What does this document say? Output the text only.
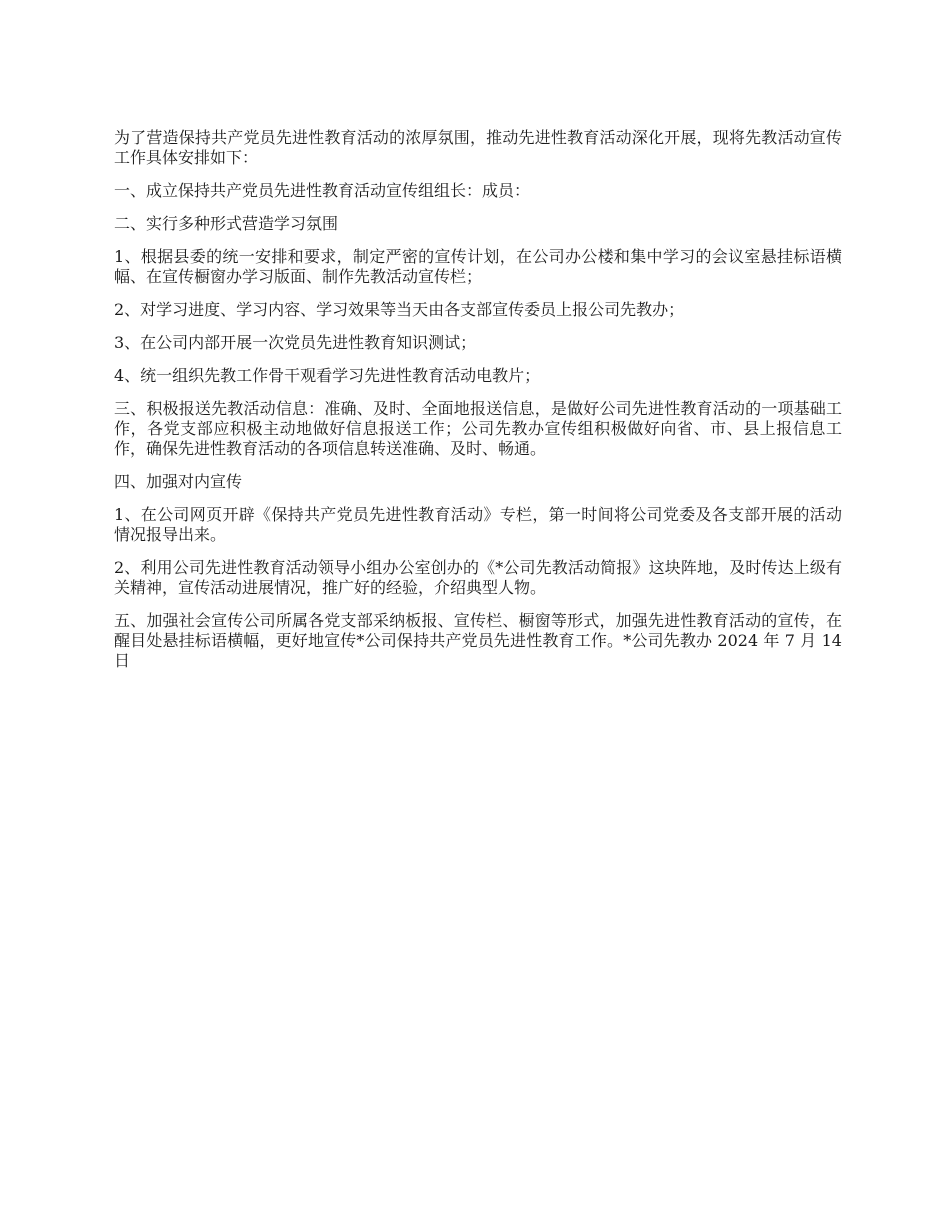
为了营造保持共产党员先进性教育活动的浓厚氛围，推动先进性教育活动深化开展，现将先教活动宣传工作具体安排如下：

一、成立保持共产党员先进性教育活动宣传组组长：成员：

二、实行多种形式营造学习氛围

1、根据县委的统一安排和要求，制定严密的宣传计划，在公司办公楼和集中学习的会议室悬挂标语横幅、在宣传橱窗办学习版面、制作先教活动宣传栏；

2、对学习进度、学习内容、学习效果等当天由各支部宣传委员上报公司先教办；

3、在公司内部开展一次党员先进性教育知识测试；

4、统一组织先教工作骨干观看学习先进性教育活动电教片；

三、积极报送先教活动信息：准确、及时、全面地报送信息，是做好公司先进性教育活动的一项基础工作，各党支部应积极主动地做好信息报送工作；公司先教办宣传组积极做好向省、市、县上报信息工作，确保先进性教育活动的各项信息转送准确、及时、畅通。

四、加强对内宣传

1、在公司网页开辟《保持共产党员先进性教育活动》专栏，第一时间将公司党委及各支部开展的活动情况报导出来。

2、利用公司先进性教育活动领导小组办公室创办的《*公司先教活动简报》这块阵地，及时传达上级有关精神，宣传活动进展情况，推广好的经验，介绍典型人物。

五、加强社会宣传公司所属各党支部采纳板报、宣传栏、橱窗等形式，加强先进性教育活动的宣传，在醒目处悬挂标语横幅，更好地宣传*公司保持共产党员先进性教育工作。*公司先教办 2024 年 7 月 14 日
